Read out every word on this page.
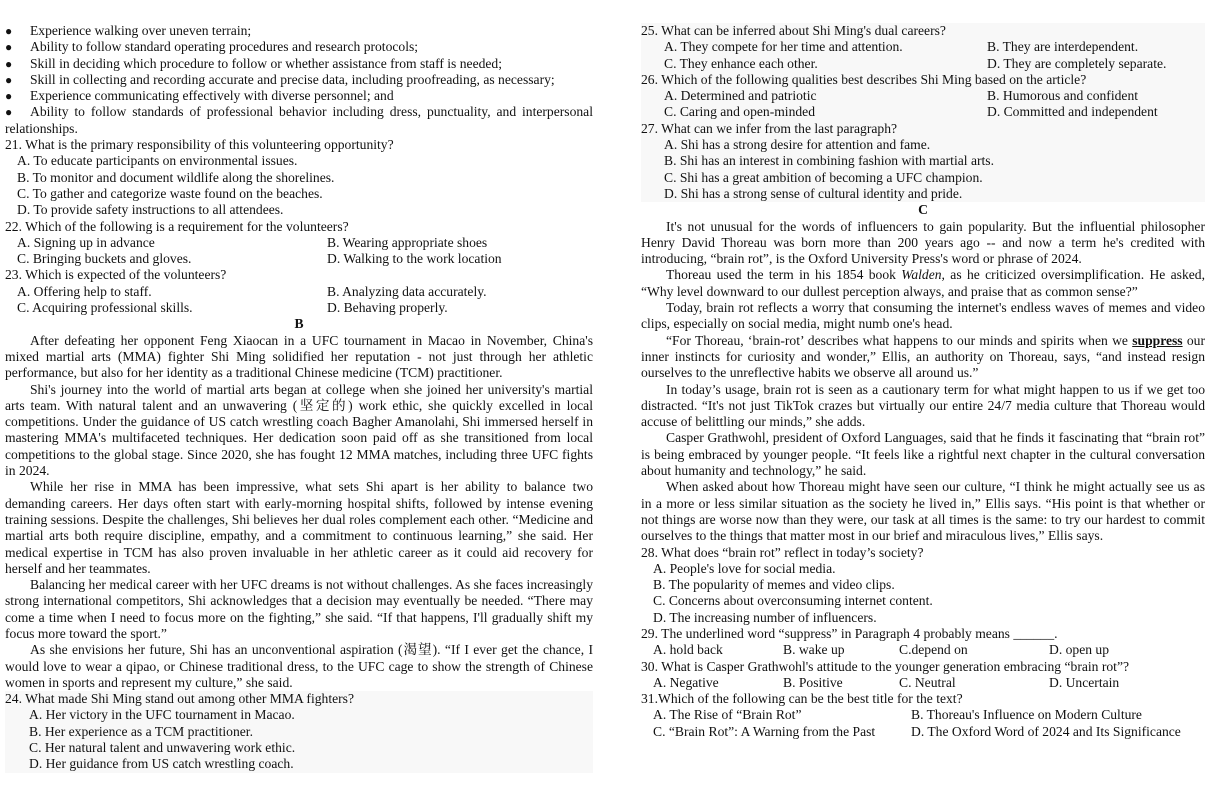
●	Experience walking over uneven terrain;
●	Ability to follow standard operating procedures and research protocols;
●	Skill in deciding which procedure to follow or whether assistance from staff is needed;
●	Skill in collecting and recording accurate and precise data, including proofreading, as necessary;
●	Experience communicating effectively with diverse personnel; and
● Ability to follow standards of professional behavior including dress, punctuality, and interpersonal relationships.
21. What is the primary responsibility of this volunteering opportunity?
A. To educate participants on environmental issues.
B. To monitor and document wildlife along the shorelines.
C. To gather and categorize waste found on the beaches.
D. To provide safety instructions to all attendees.
22. Which of the following is a requirement for the volunteers?
A. Signing up in advance	B. Wearing appropriate shoes
C. Bringing buckets and gloves.	D. Walking to the work location
23. Which is expected of the volunteers?
A. Offering help to staff.	B. Analyzing data accurately.
C. Acquiring professional skills.	D. Behaving properly.
B
After defeating her opponent Feng Xiaocan in a UFC tournament in Macao in November, China's mixed martial arts (MMA) fighter Shi Ming solidified her reputation - not just through her athletic performance, but also for her identity as a traditional Chinese medicine (TCM) practitioner.
Shi's journey into the world of martial arts began at college when she joined her university's martial arts team. With natural talent and an unwavering (坚定的) work ethic, she quickly excelled in local competitions. Under the guidance of US catch wrestling coach Bagher Amanolahi, Shi immersed herself in mastering MMA's multifaceted techniques. Her dedication soon paid off as she transitioned from local competitions to the global stage. Since 2020, she has fought 12 MMA matches, including three UFC fights in 2024.
While her rise in MMA has been impressive, what sets Shi apart is her ability to balance two demanding careers. Her days often start with early-morning hospital shifts, followed by intense evening training sessions. Despite the challenges, Shi believes her dual roles complement each other. “Medicine and martial arts both require discipline, empathy, and a commitment to continuous learning,” she said. Her medical expertise in TCM has also proven invaluable in her athletic career as it could aid recovery for herself and her teammates.
Balancing her medical career with her UFC dreams is not without challenges. As she faces increasingly strong international competitors, Shi acknowledges that a decision may eventually be needed. “There may come a time when I need to focus more on the fighting,” she said. “If that happens, I'll gradually shift my focus more toward the sport.”
As she envisions her future, Shi has an unconventional aspiration (渴望). “If I ever get the chance, I would love to wear a qipao, or Chinese traditional dress, to the UFC cage to show the strength of Chinese women in sports and represent my culture,” she said.
24. What made Shi Ming stand out among other MMA fighters?
A. Her victory in the UFC tournament in Macao.
B. Her experience as a TCM practitioner.
C. Her natural talent and unwavering work ethic.
D. Her guidance from US catch wrestling coach.
25. What can be inferred about Shi Ming's dual careers?
A. They compete for her time and attention.	B. They are interdependent.
C. They enhance each other.	D. They are completely separate.
26. Which of the following qualities best describes Shi Ming based on the article?
A. Determined and patriotic	B. Humorous and confident
C. Caring and open-minded	D. Committed and independent
27. What can we infer from the last paragraph?
A. Shi has a strong desire for attention and fame.
B. Shi has an interest in combining fashion with martial arts.
C. Shi has a great ambition of becoming a UFC champion.
D. Shi has a strong sense of cultural identity and pride.
C
It's not unusual for the words of influencers to gain popularity. But the influential philosopher Henry David Thoreau was born more than 200 years ago -- and now a term he's credited with introducing, “brain rot”, is the Oxford University Press's word or phrase of 2024.
Thoreau used the term in his 1854 book Walden, as he criticized oversimplification. He asked, “Why level downward to our dullest perception always, and praise that as common sense?”
Today, brain rot reflects a worry that consuming the internet's endless waves of memes and video clips, especially on social media, might numb one's head.
“For Thoreau, ‘brain-rot’ describes what happens to our minds and spirits when we suppress our inner instincts for curiosity and wonder,” Ellis, an authority on Thoreau, says, “and instead resign ourselves to the unreflective habits we observe all around us.”
In today’s usage, brain rot is seen as a cautionary term for what might happen to us if we get too distracted. “It's not just TikTok crazes but virtually our entire 24/7 media culture that Thoreau would accuse of belittling our minds,” she adds.
Casper Grathwohl, president of Oxford Languages, said that he finds it fascinating that “brain rot” is being embraced by younger people. “It feels like a rightful next chapter in the cultural conversation about humanity and technology,” he said.
When asked about how Thoreau might have seen our culture, “I think he might actually see us as in a more or less similar situation as the society he lived in,” Ellis says. “His point is that whether or not things are worse now than they were, our task at all times is the same: to try our hardest to commit ourselves to the things that matter most in our brief and miraculous lives,” Ellis says.
28. What does “brain rot” reflect in today’s society?
A. People's love for social media.
B. The popularity of memes and video clips.
C. Concerns about overconsuming internet content.
D. The increasing number of influencers.
29. The underlined word “suppress” in Paragraph 4 probably means ______.
A. hold back	B. wake up	C.depend on	D. open up
30. What is Casper Grathwohl's attitude to the younger generation embracing “brain rot”?
A. Negative	B. Positive	C. Neutral	D. Uncertain
31.Which of the following can be the best title for the text?
A. The Rise of “Brain Rot”	B. Thoreau's Influence on Modern Culture
C. “Brain Rot”: A Warning from the Past	D. The Oxford Word of 2024 and Its Significance
